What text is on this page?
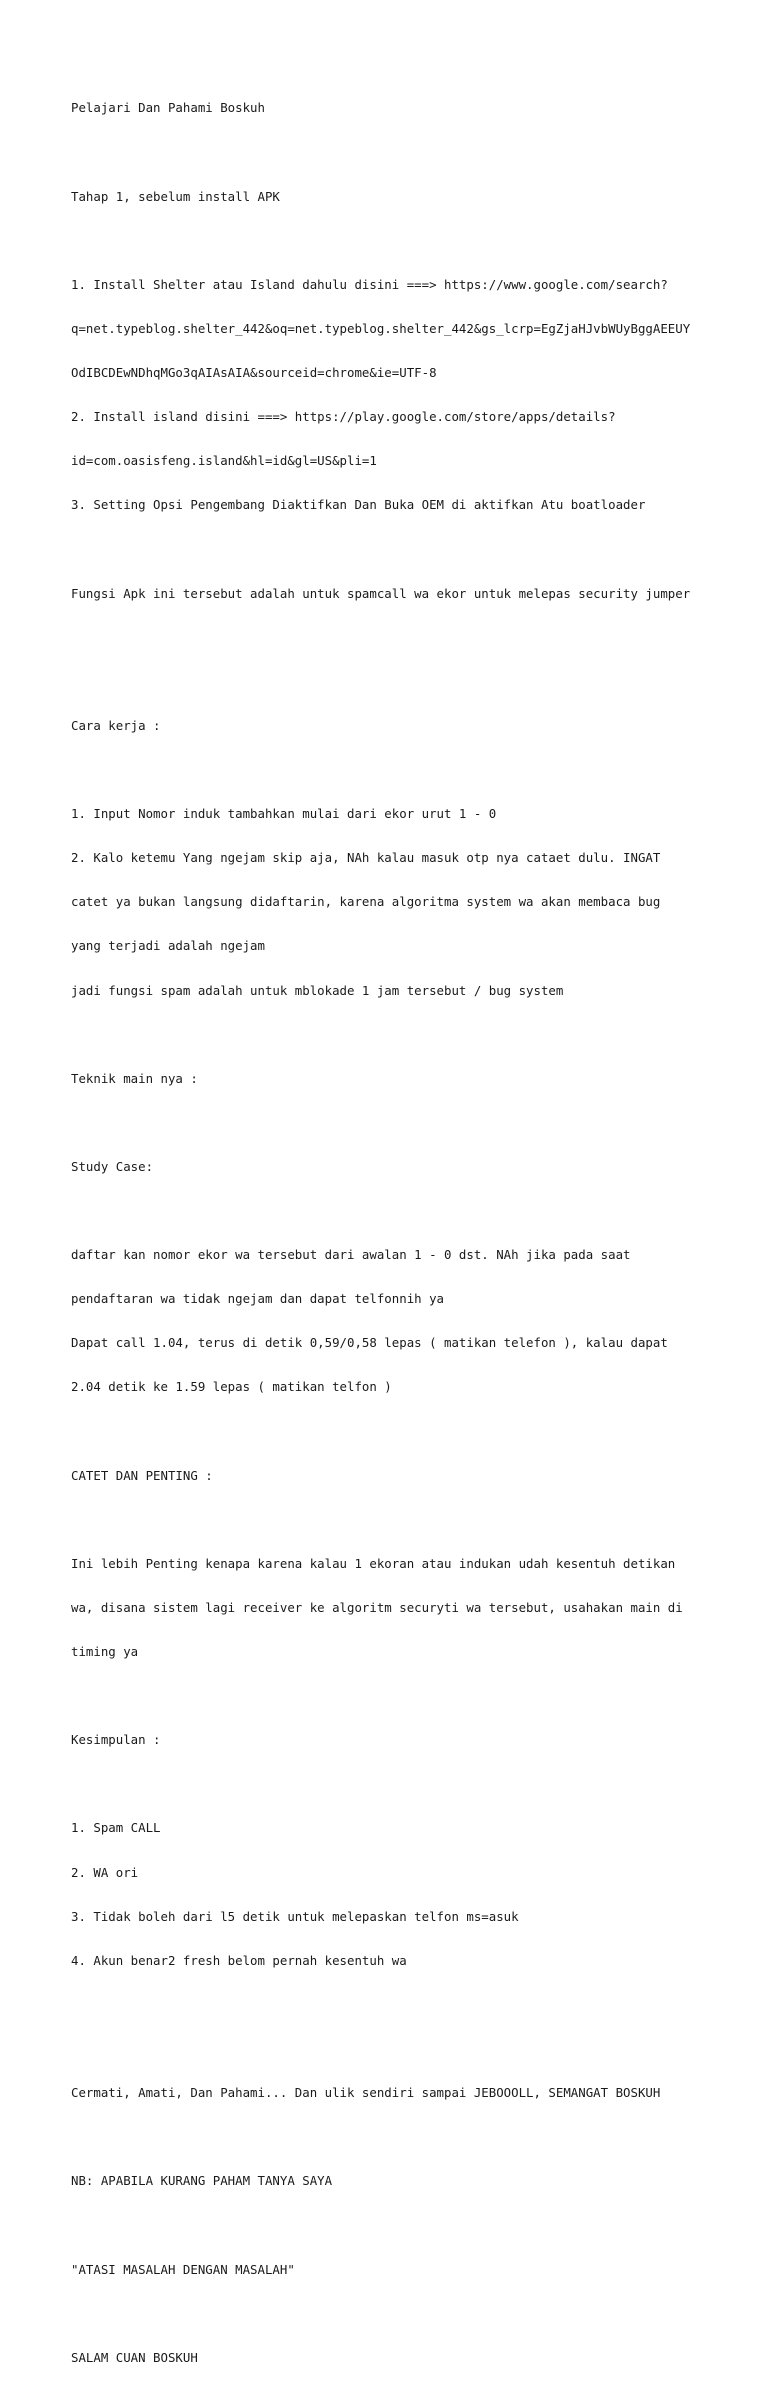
Pelajari Dan Pahami Boskuh

Tahap 1, sebelum install APK

1. Install Shelter atau Island dahulu disini ===> https://www.google.com/search?

q=net.typeblog.shelter_442&oq=net.typeblog.shelter_442&gs_lcrp=EgZjaHJvbWUyBggAEEUY

OdIBCDEwNDhqMGo3qAIAsAIA&sourceid=chrome&ie=UTF-8

2. Install island disini ===> https://play.google.com/store/apps/details?

id=com.oasisfeng.island&hl=id&gl=US&pli=1

3. Setting Opsi Pengembang Diaktifkan Dan Buka OEM di aktifkan Atu boatloader

Fungsi Apk ini tersebut adalah untuk spamcall wa ekor untuk melepas security jumper

Cara kerja :

1. Input Nomor induk tambahkan mulai dari ekor urut 1 - 0

2. Kalo ketemu Yang ngejam skip aja, NAh kalau masuk otp nya cataet dulu. INGAT

catet ya bukan langsung didaftarin, karena algoritma system wa akan membaca bug

yang terjadi adalah ngejam

jadi fungsi spam adalah untuk mblokade 1 jam tersebut / bug system

Teknik main nya :

Study Case:

daftar kan nomor ekor wa tersebut dari awalan 1 - 0 dst. NAh jika pada saat

pendaftaran wa tidak ngejam dan dapat telfonnih ya

Dapat call 1.04, terus di detik 0,59/0,58 lepas ( matikan telefon ), kalau dapat

2.04 detik ke 1.59 lepas ( matikan telfon )

CATET DAN PENTING :

Ini lebih Penting kenapa karena kalau 1 ekoran atau indukan udah kesentuh detikan

wa, disana sistem lagi receiver ke algoritm securyti wa tersebut, usahakan main di

timing ya

Kesimpulan :

1. Spam CALL

2. WA ori

3. Tidak boleh dari l5 detik untuk melepaskan telfon ms=asuk

4. Akun benar2 fresh belom pernah kesentuh wa

Cermati, Amati, Dan Pahami... Dan ulik sendiri sampai JEBOOOLL, SEMANGAT BOSKUH

NB: APABILA KURANG PAHAM TANYA SAYA

"ATASI MASALAH DENGAN MASALAH"

SALAM CUAN BOSKUH
